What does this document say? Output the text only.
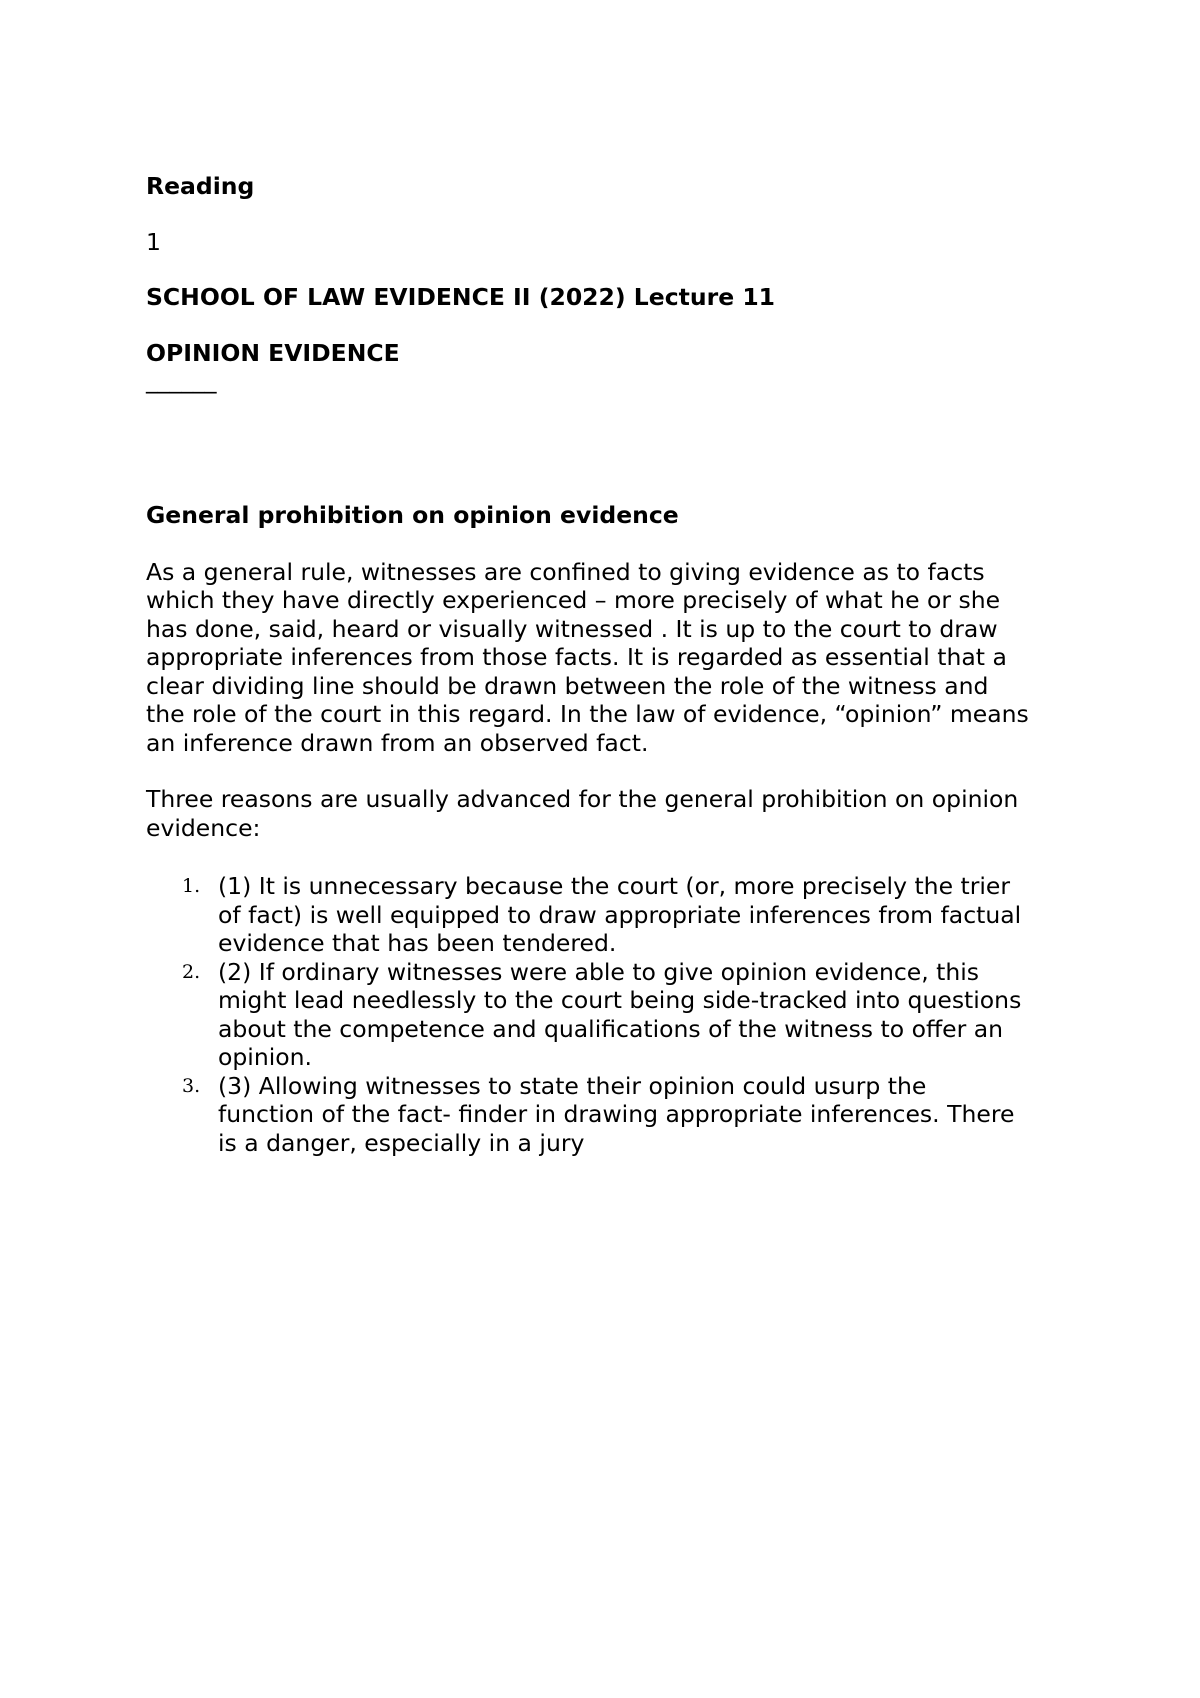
Reading
1
SCHOOL OF LAW EVIDENCE II (2022) Lecture 11
OPINION EVIDENCE
______
General prohibition on opinion evidence
As a general rule, witnesses are confined to giving evidence as to facts
which they have directly experienced – more precisely of what he or she
has done, said, heard or visually witnessed . It is up to the court to draw
appropriate inferences from those facts. It is regarded as essential that a
clear dividing line should be drawn between the role of the witness and
the role of the court in this regard. In the law of evidence, “opinion” means
an inference drawn from an observed fact.
Three reasons are usually advanced for the general prohibition on opinion
evidence:
1. (1) It is unnecessary because the court (or, more precisely the trier
of fact) is well equipped to draw appropriate inferences from factual
evidence that has been tendered.
2. (2) If ordinary witnesses were able to give opinion evidence, this
might lead needlessly to the court being side-tracked into questions
about the competence and qualifications of the witness to offer an
opinion.
3. (3) Allowing witnesses to state their opinion could usurp the
function of the fact- finder in drawing appropriate inferences. There
is a danger, especially in a jury
